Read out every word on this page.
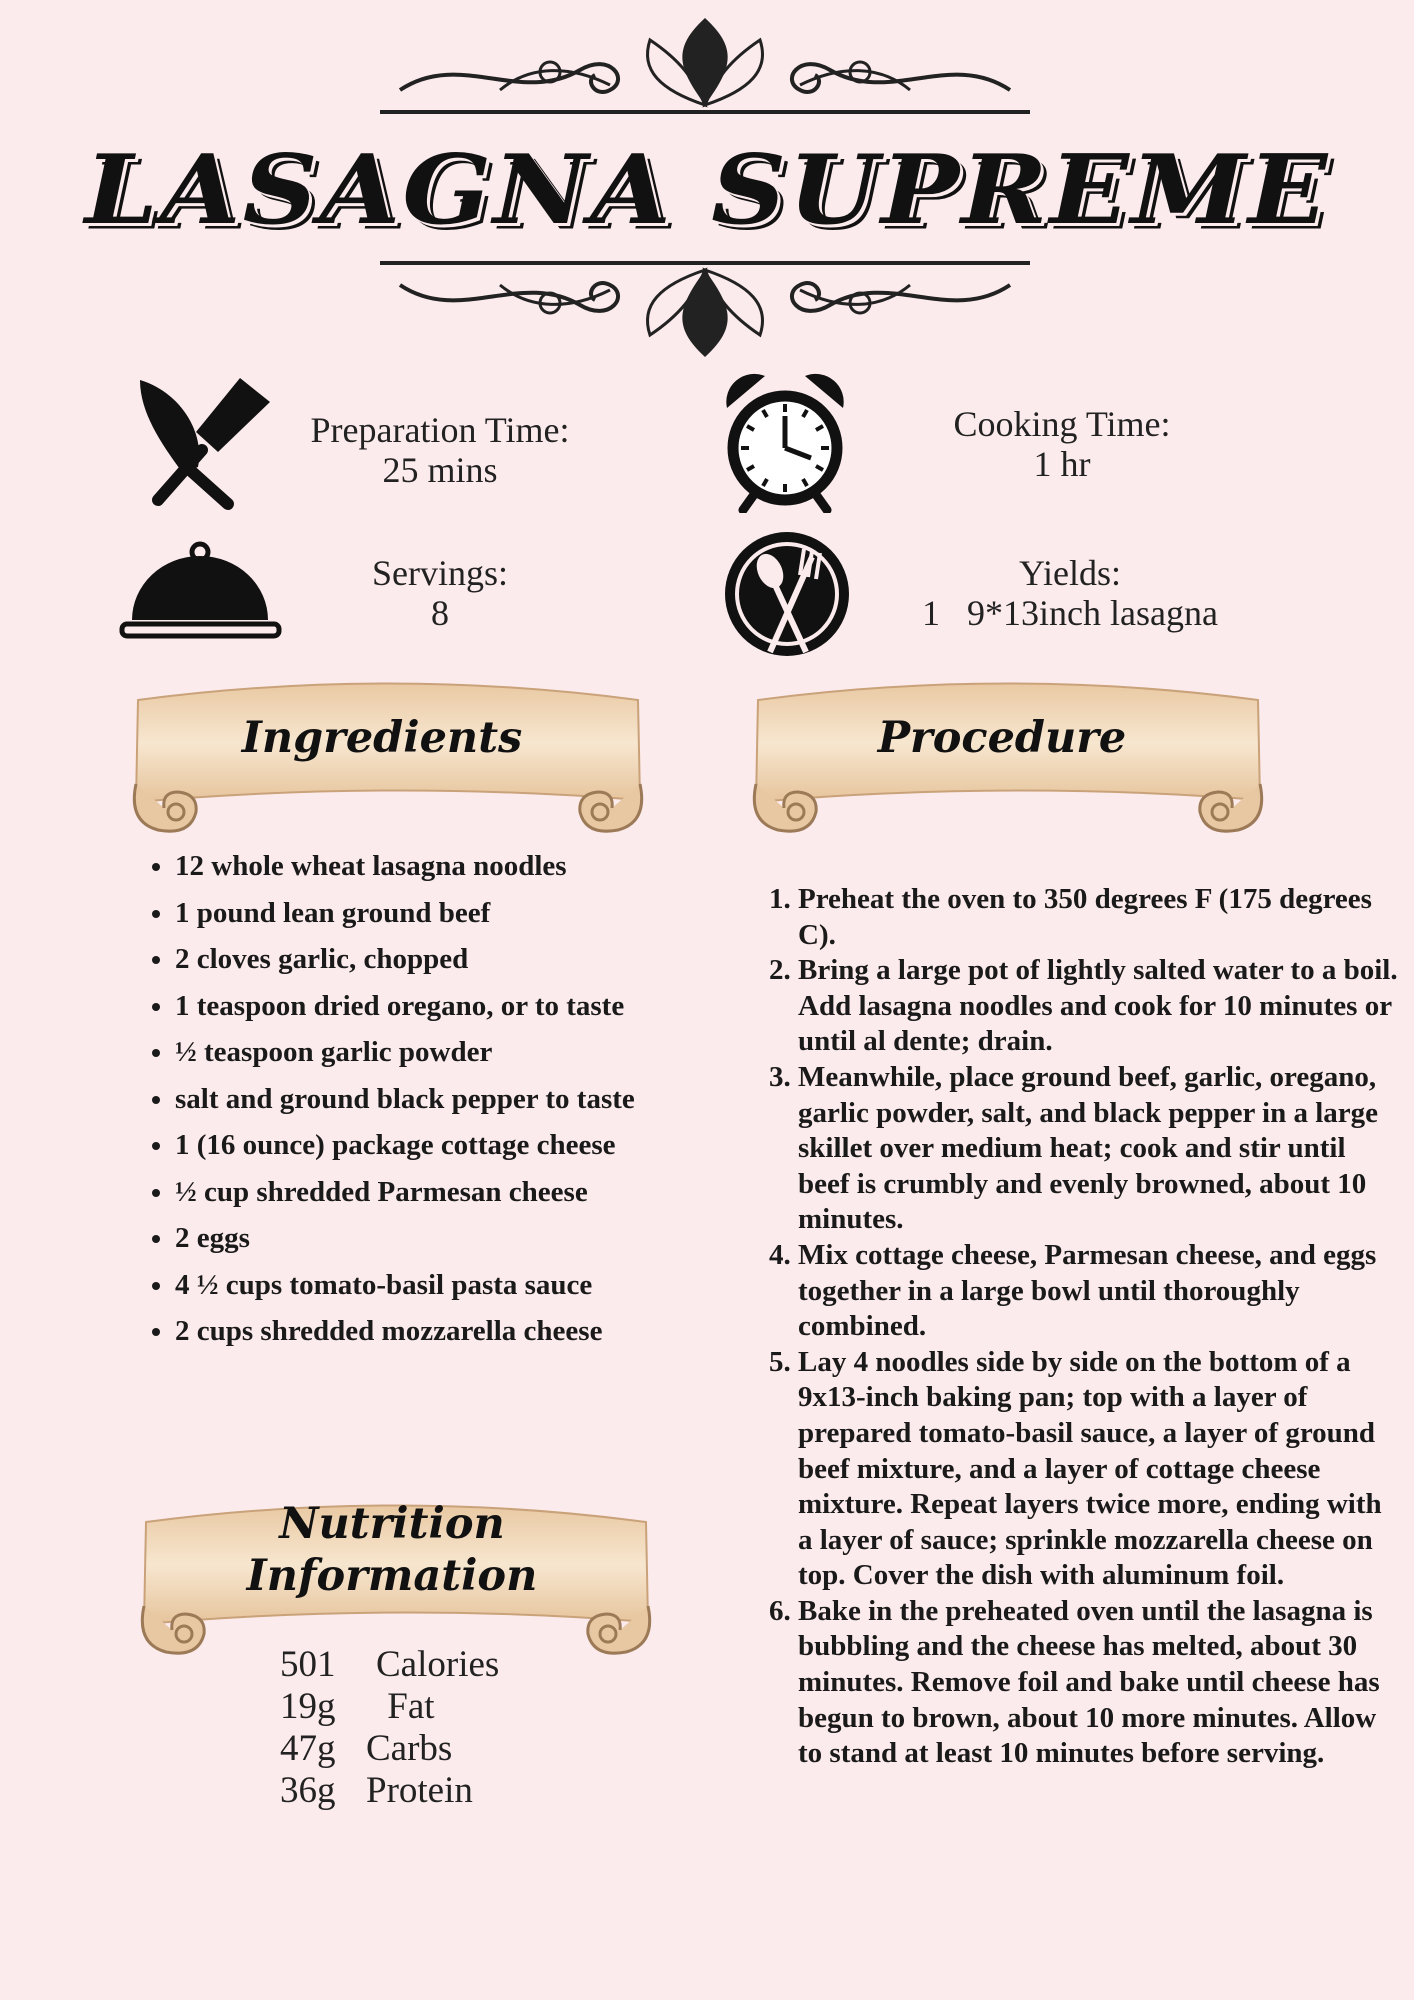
LASAGNA SUPREME
Preparation Time:
25 mins
Cooking Time:
1 hr
Servings:
8
Yields:
1   9*13inch lasagna
Ingredients	Procedure
• 12 whole wheat lasagna noodles
• 1 pound lean ground beef
• 2 cloves garlic, chopped
• 1 teaspoon dried oregano, or to taste
• ½ teaspoon garlic powder
• salt and ground black pepper to taste
• 1 (16 ounce) package cottage cheese
• ½ cup shredded Parmesan cheese
• 2 eggs
• 4 ½ cups tomato-basil pasta sauce
• 2 cups shredded mozzarella cheese
1. Preheat the oven to 350 degrees F (175 degrees C).
2. Bring a large pot of lightly salted water to a boil. Add lasagna noodles and cook for 10 minutes or until al dente; drain.
3. Meanwhile, place ground beef, garlic, oregano, garlic powder, salt, and black pepper in a large skillet over medium heat; cook and stir until beef is crumbly and evenly browned, about 10 minutes.
4. Mix cottage cheese, Parmesan cheese, and eggs together in a large bowl until thoroughly combined.
5. Lay 4 noodles side by side on the bottom of a 9x13-inch baking pan; top with a layer of prepared tomato-basil sauce, a layer of ground beef mixture, and a layer of cottage cheese mixture. Repeat layers twice more, ending with a layer of sauce; sprinkle mozzarella cheese on top. Cover the dish with aluminum foil.
6. Bake in the preheated oven until the lasagna is bubbling and the cheese has melted, about 30 minutes. Remove foil and bake until cheese has begun to brown, about 10 more minutes. Allow to stand at least 10 minutes before serving.
Nutrition
Information
501	Calories
19g	Fat
47g Carbs
36g Protein
